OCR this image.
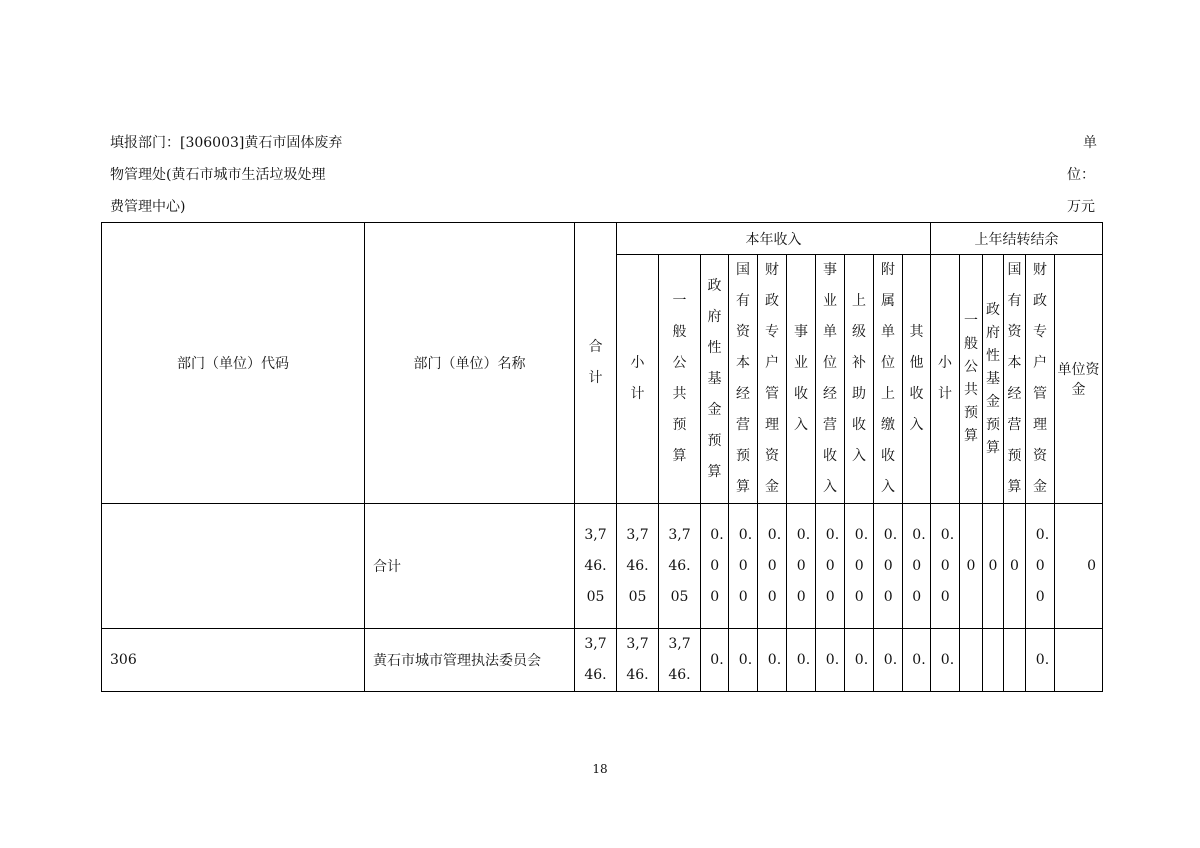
填报部门：[306003]黄石市固体废弃
物管理处(黄石市城市生活垃圾处理
费管理中心)
单
位：
万元
部门（单位）代码	部门（单位）名称	合计	本年收入										上年结转结余					

			小计	一般公共预算	政府性基金预算	国有资本经营预算	财政专户管理资金	事业收入	事业单位经营收入	上级补助收入	附属单位上缴收入	其他收入	小计	一般公共预算	政府性基金预算	国有资本经营预算	财政专户管理资金	单位资金
	合计	3,746.05	3,746.05	3,746.05	0.00	0.00	0.00	0.00	0.00	0.00	0.00	0.00	0.00	0	0	0	0.00	0
306	黄石市城市管理执法委员会	3,746.	3,746.	3,746.	0.	0.	0.	0.	0.	0.	0.	0.	0.				0.	

18
